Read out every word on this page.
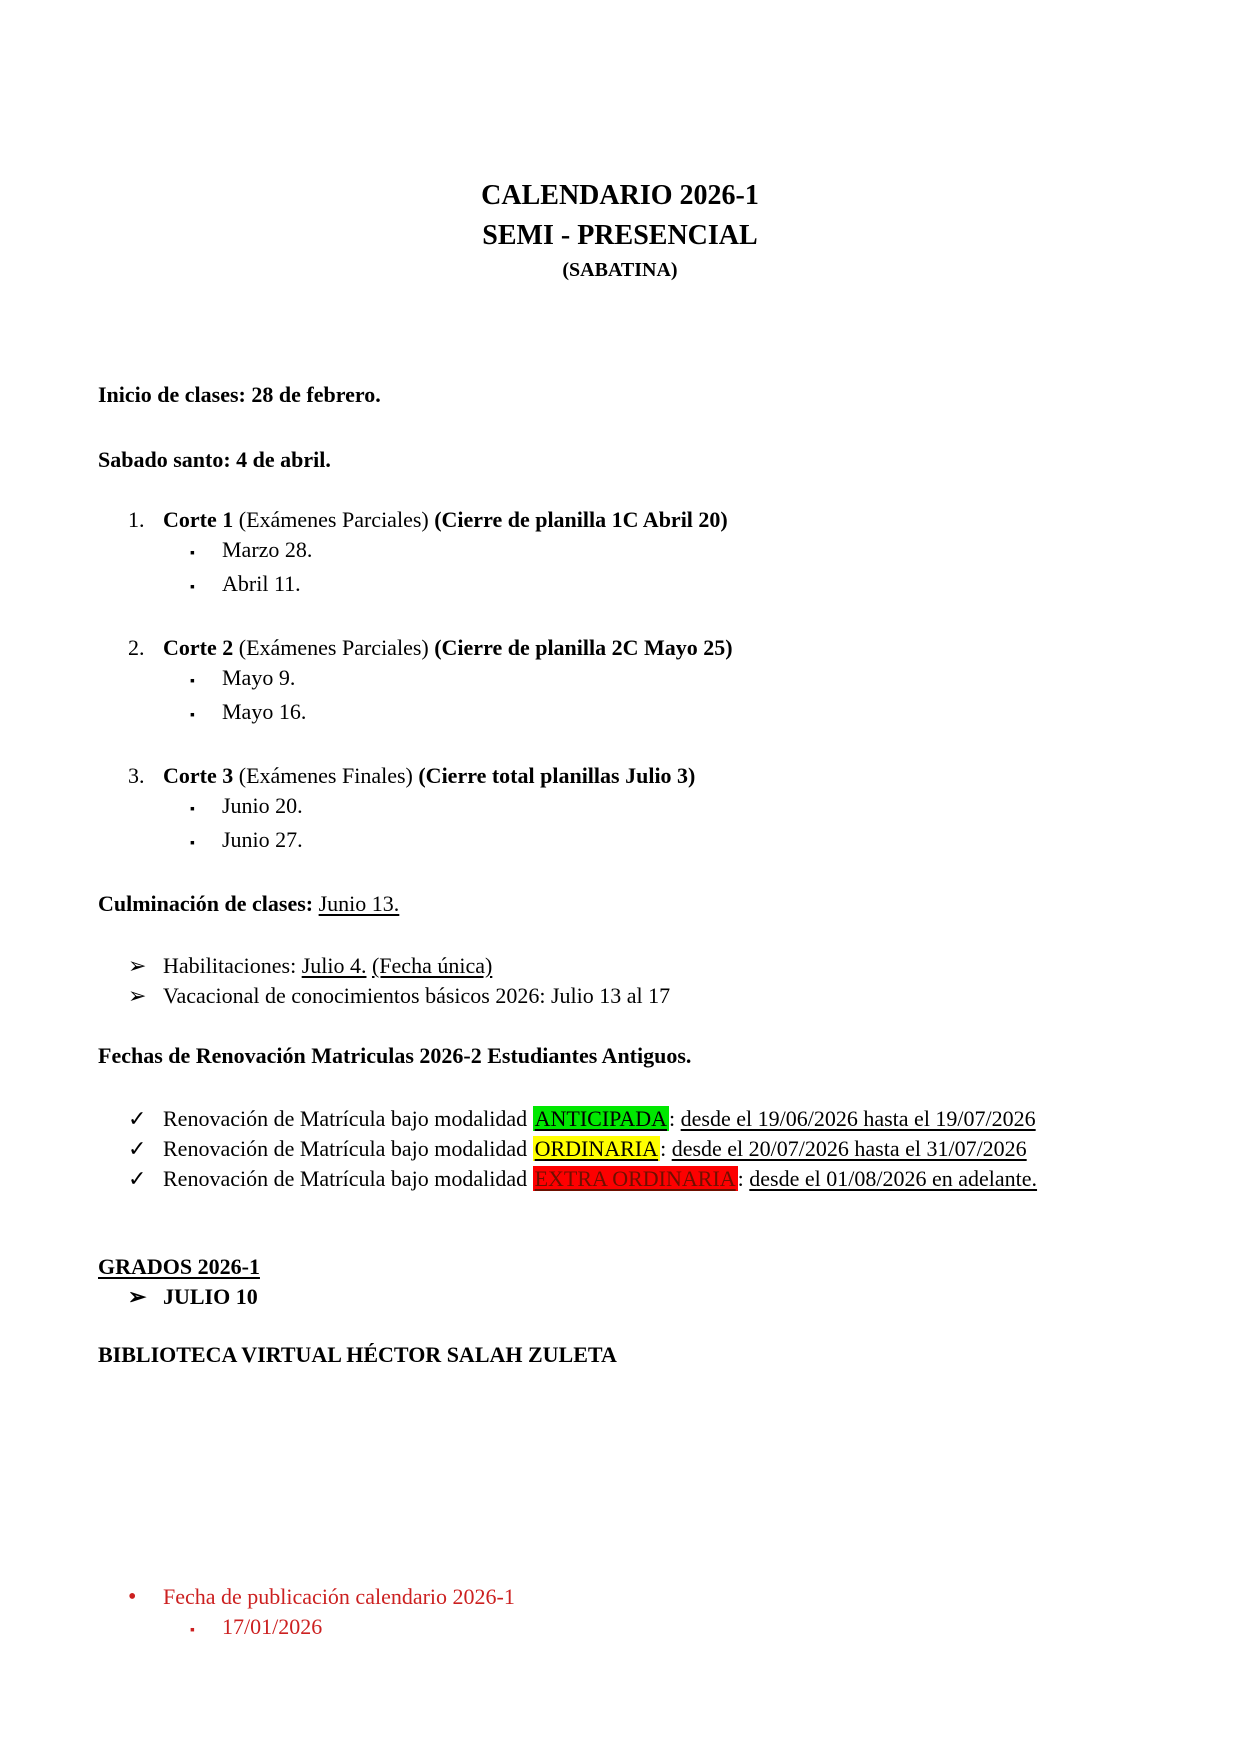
CALENDARIO 2026-1

SEMI - PRESENCIAL

(SABATINA)

Inicio de clases: 28 de febrero.

Sabado santo: 4 de abril.

1. Corte 1 (Exámenes Parciales) (Cierre de planilla 1C Abril 20)

▪ Marzo 28.

▪ Abril 11.

2. Corte 2 (Exámenes Parciales) (Cierre de planilla 2C Mayo 25)

▪ Mayo 9.

▪ Mayo 16.

3. Corte 3 (Exámenes Finales) (Cierre total planillas Julio 3)

▪ Junio 20.

▪ Junio 27.

Culminación de clases: Junio 13.

➢ Habilitaciones: Julio 4. (Fecha única)

➢ Vacacional de conocimientos básicos 2026: Julio 13 al 17

Fechas de Renovación Matriculas 2026-2 Estudiantes Antiguos.

✓ Renovación de Matrícula bajo modalidad ANTICIPADA: desde el 19/06/2026 hasta el 19/07/2026

✓ Renovación de Matrícula bajo modalidad ORDINARIA: desde el 20/07/2026 hasta el 31/07/2026

✓ Renovación de Matrícula bajo modalidad EXTRA ORDINARIA: desde el 01/08/2026 en adelante.

GRADOS 2026-1

➢ JULIO 10

BIBLIOTECA VIRTUAL HÉCTOR SALAH ZULETA

• Fecha de publicación calendario 2026-1

▪ 17/01/2026
